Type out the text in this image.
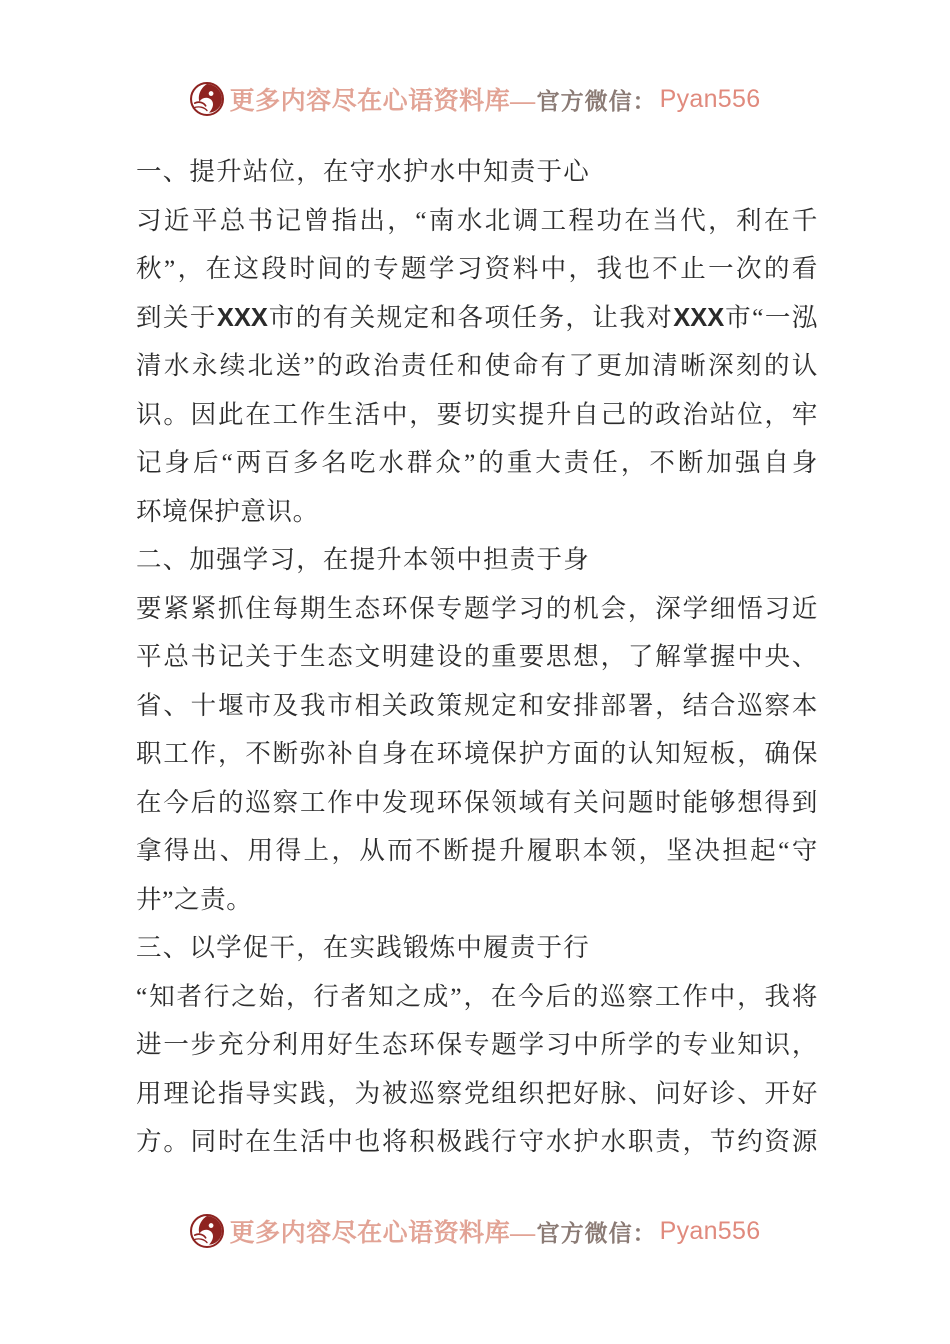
更多内容尽在心语资料库— 官方微信： Pyan556
一、提升站位，在守水护水中知责于心
习近平总书记曾指出，“南水北调工程功在当代，利在千
秋”，在这段时间的专题学习资料中，我也不止一次的看
到关于XXX市的有关规定和各项任务，让我对XXX市“一泓
清水永续北送”的政治责任和使命有了更加清晰深刻的认
识。因此在工作生活中，要切实提升自己的政治站位，牢
记身后“两百多名吃水群众”的重大责任，不断加强自身
环境保护意识。
二、加强学习，在提升本领中担责于身
要紧紧抓住每期生态环保专题学习的机会，深学细悟习近
平总书记关于生态文明建设的重要思想，了解掌握中央、
省、十堰市及我市相关政策规定和安排部署，结合巡察本
职工作，不断弥补自身在环境保护方面的认知短板，确保
在今后的巡察工作中发现环保领域有关问题时能够想得到
拿得出、用得上，从而不断提升履职本领，坚决担起“守
井”之责。
三、以学促干，在实践锻炼中履责于行
“知者行之始，行者知之成”，在今后的巡察工作中，我将
进一步充分利用好生态环保专题学习中所学的专业知识，
用理论指导实践，为被巡察党组织把好脉、问好诊、开好
方。同时在生活中也将积极践行守水护水职责，节约资源
更多内容尽在心语资料库— 官方微信： Pyan556
